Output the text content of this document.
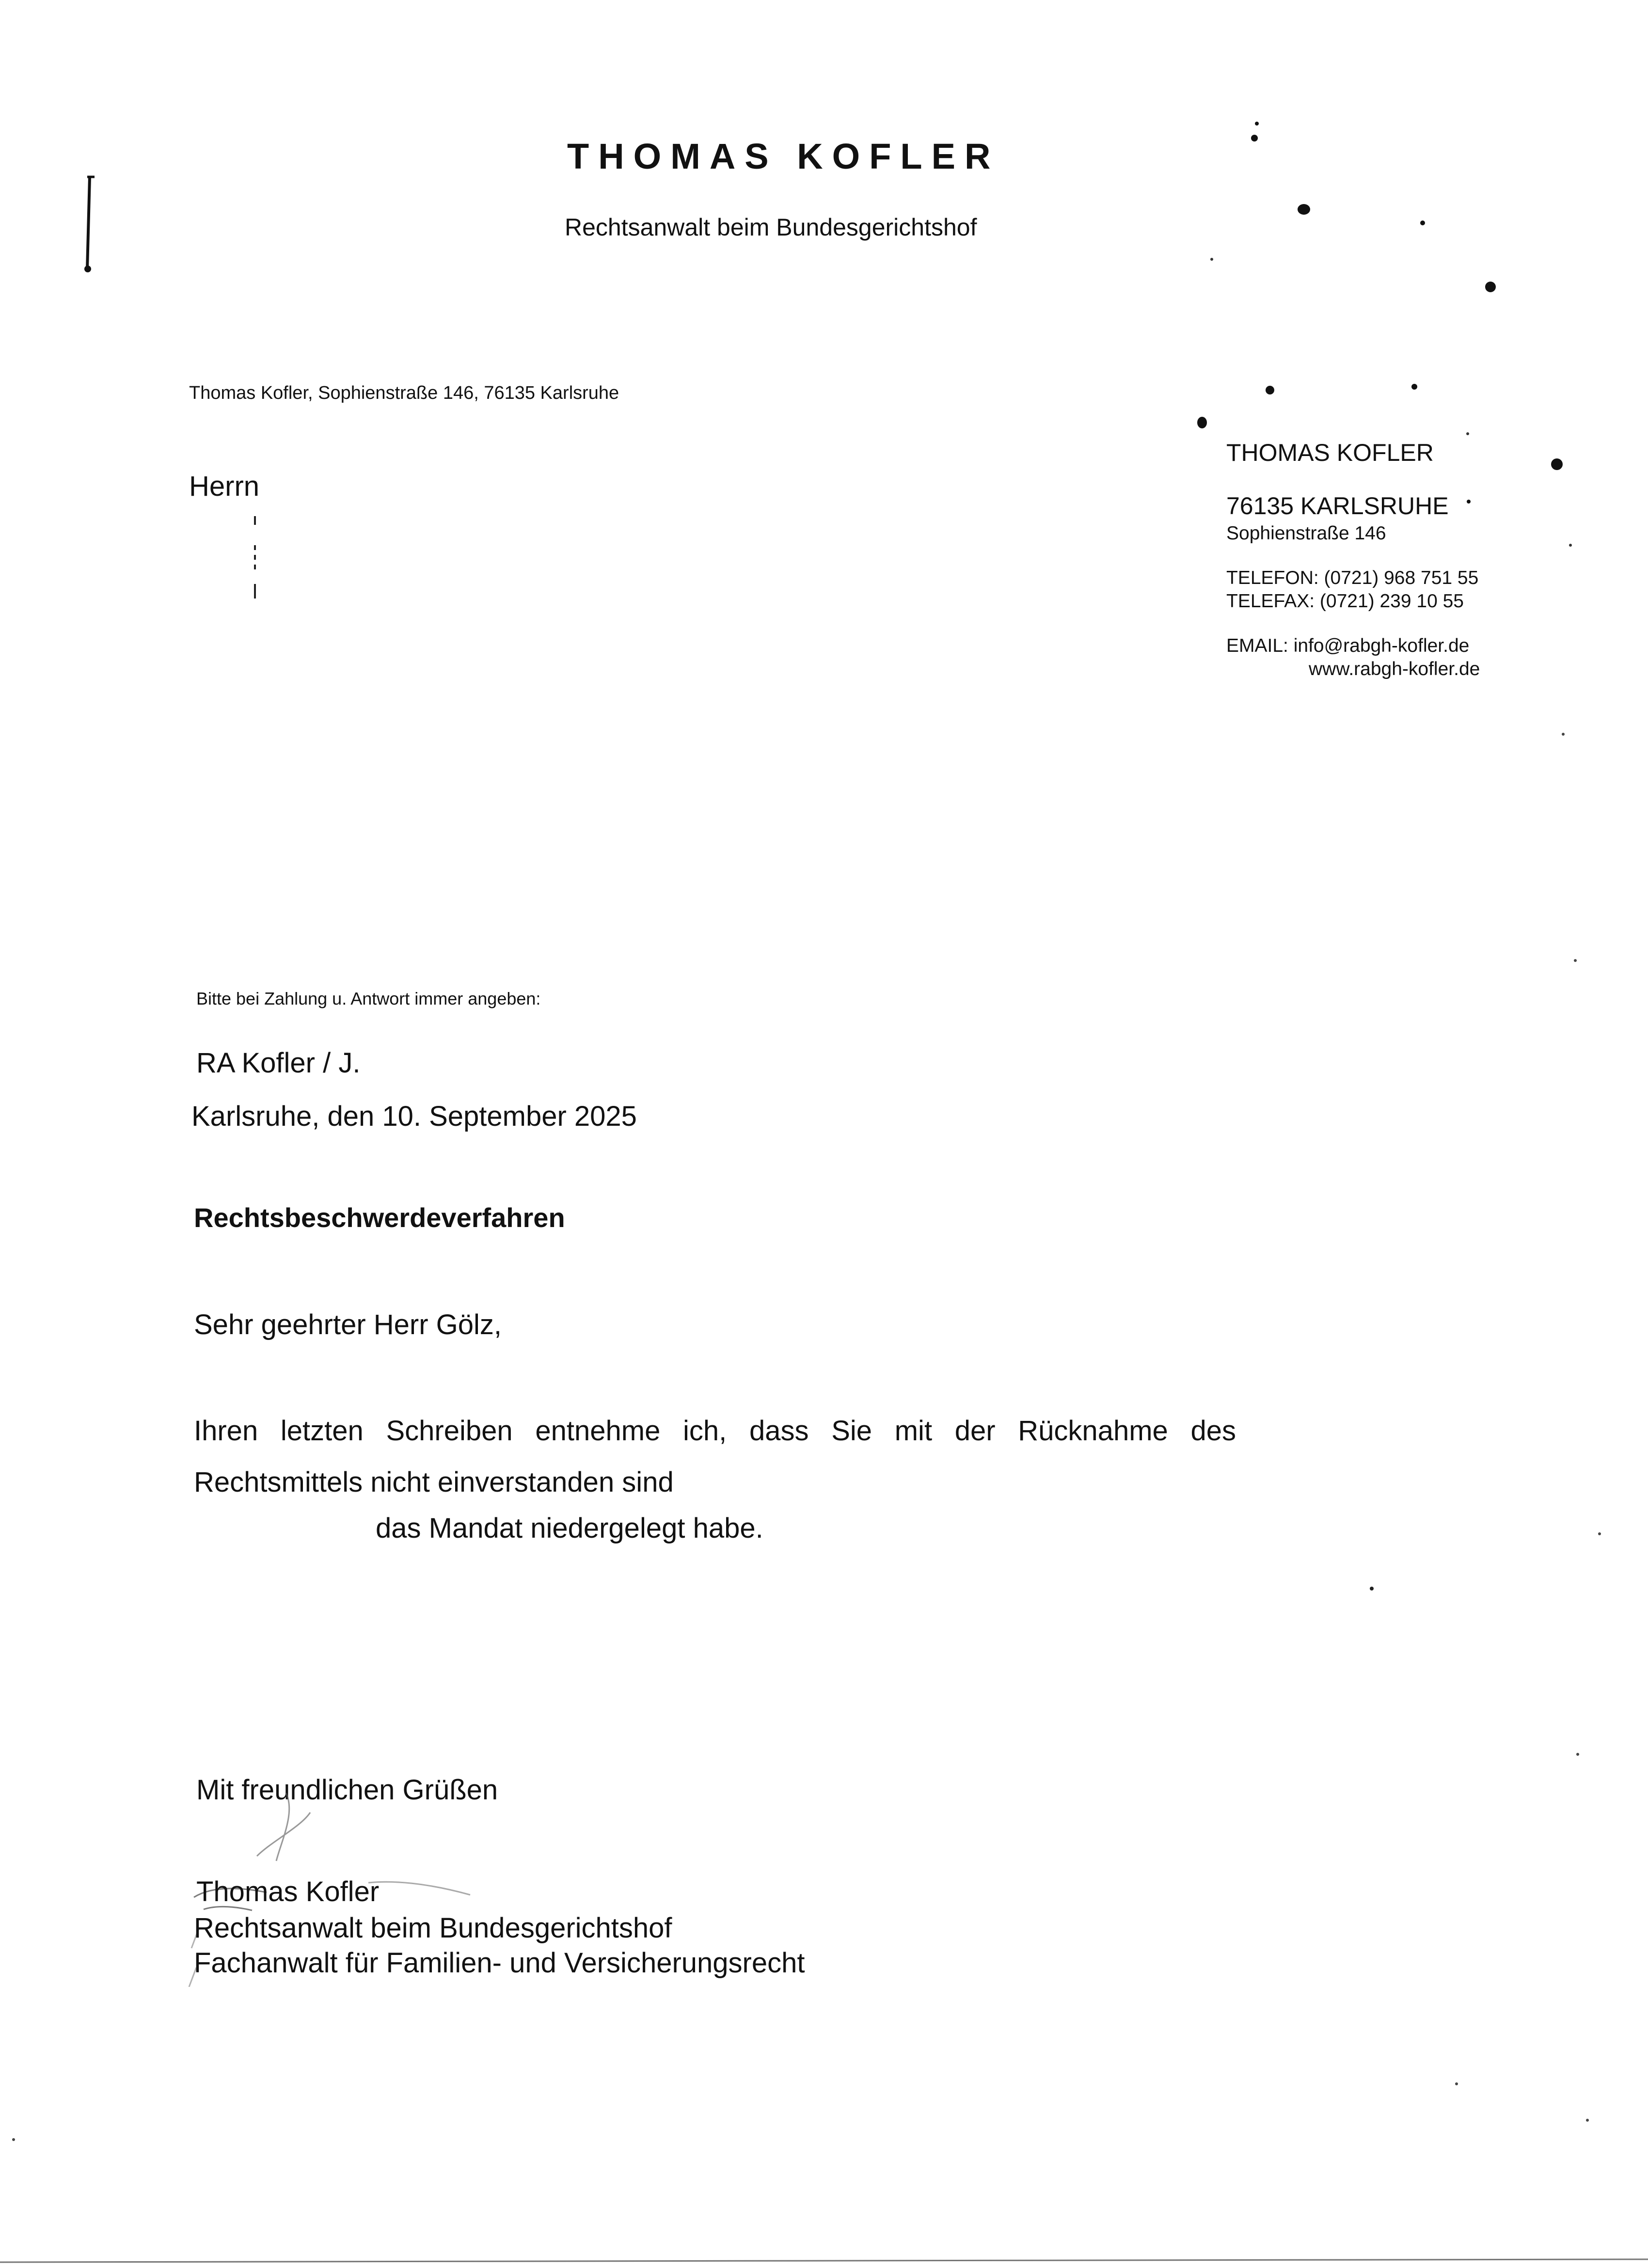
THOMAS KOFLER
Rechtsanwalt beim Bundesgerichtshof
Thomas Kofler, Sophienstraße 146, 76135 Karlsruhe
Herrn
THOMAS KOFLER
76135 KARLSRUHE
Sophienstraße 146
TELEFON: (0721) 968 751 55
TELEFAX: (0721) 239 10 55
EMAIL: info@rabgh-kofler.de
www.rabgh-kofler.de
Bitte bei Zahlung u. Antwort immer angeben:
RA Kofler / J.
Karlsruhe, den 10. September 2025
Rechtsbeschwerdeverfahren
Sehr geehrter Herr Gölz,
Ihren letzten Schreiben entnehme ich, dass Sie mit der Rücknahme des
Rechtsmittels nicht einverstanden sind
das Mandat niedergelegt habe.
Mit freundlichen Grüßen
Thomas Kofler
Rechtsanwalt beim Bundesgerichtshof
Fachanwalt für Familien- und Versicherungsrecht
